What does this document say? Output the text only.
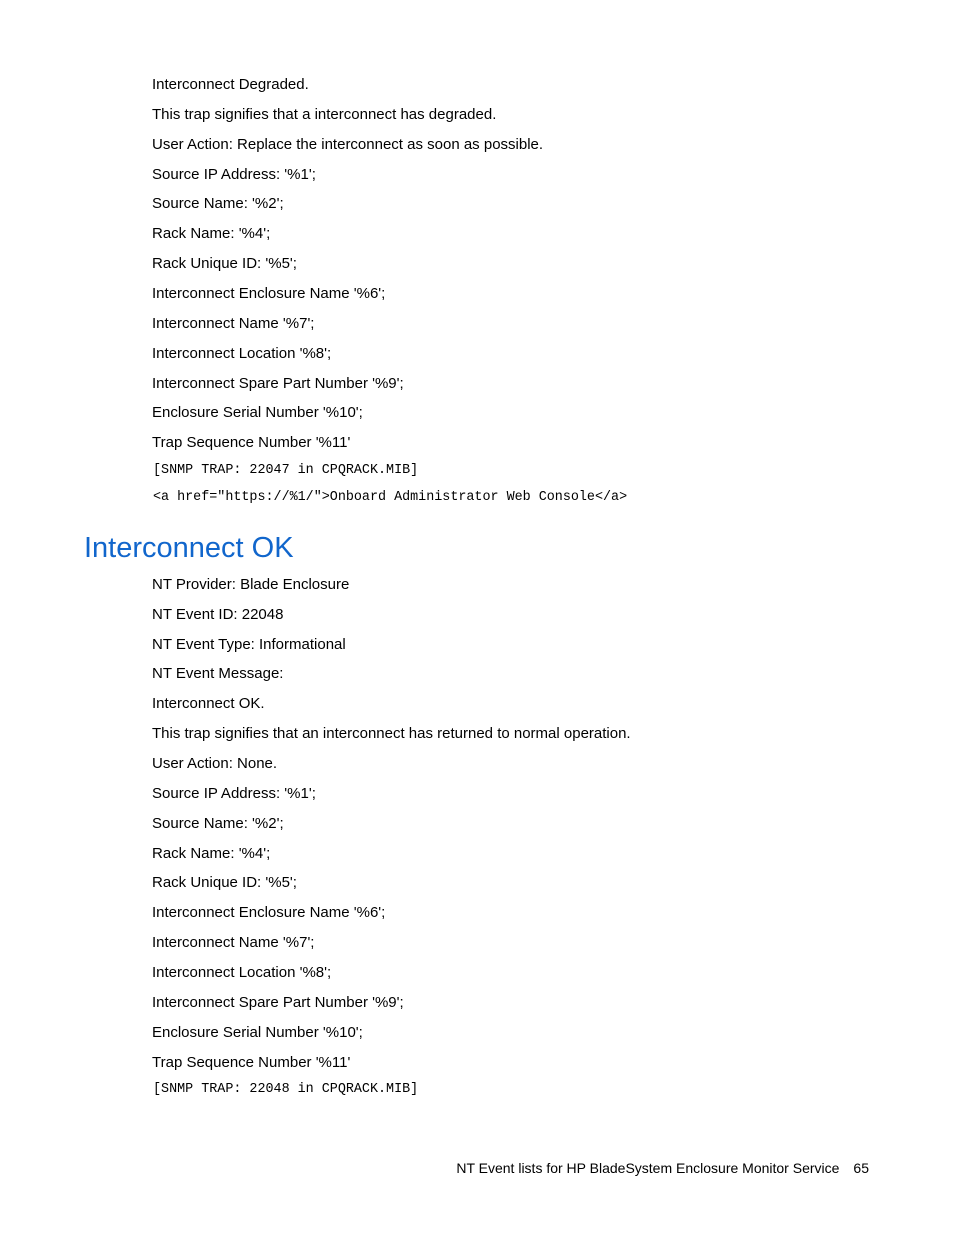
Interconnect Degraded.
This trap signifies that a interconnect has degraded.
User Action: Replace the interconnect as soon as possible.
Source IP Address: '%1';
Source Name: '%2';
Rack Name: '%4';
Rack Unique ID: '%5';
Interconnect Enclosure Name '%6';
Interconnect Name '%7';
Interconnect Location '%8';
Interconnect Spare Part Number '%9';
Enclosure Serial Number '%10';
Trap Sequence Number '%11'
[SNMP TRAP: 22047 in CPQRACK.MIB]
<a href="https://%1/">Onboard Administrator Web Console</a>
Interconnect OK
NT Provider: Blade Enclosure
NT Event ID: 22048
NT Event Type: Informational
NT Event Message:
Interconnect OK.
This trap signifies that an interconnect has returned to normal operation.
User Action: None.
Source IP Address: '%1';
Source Name: '%2';
Rack Name: '%4';
Rack Unique ID: '%5';
Interconnect Enclosure Name '%6';
Interconnect Name '%7';
Interconnect Location '%8';
Interconnect Spare Part Number '%9';
Enclosure Serial Number '%10';
Trap Sequence Number '%11'
[SNMP TRAP: 22048 in CPQRACK.MIB]
NT Event lists for HP BladeSystem Enclosure Monitor Service 65
